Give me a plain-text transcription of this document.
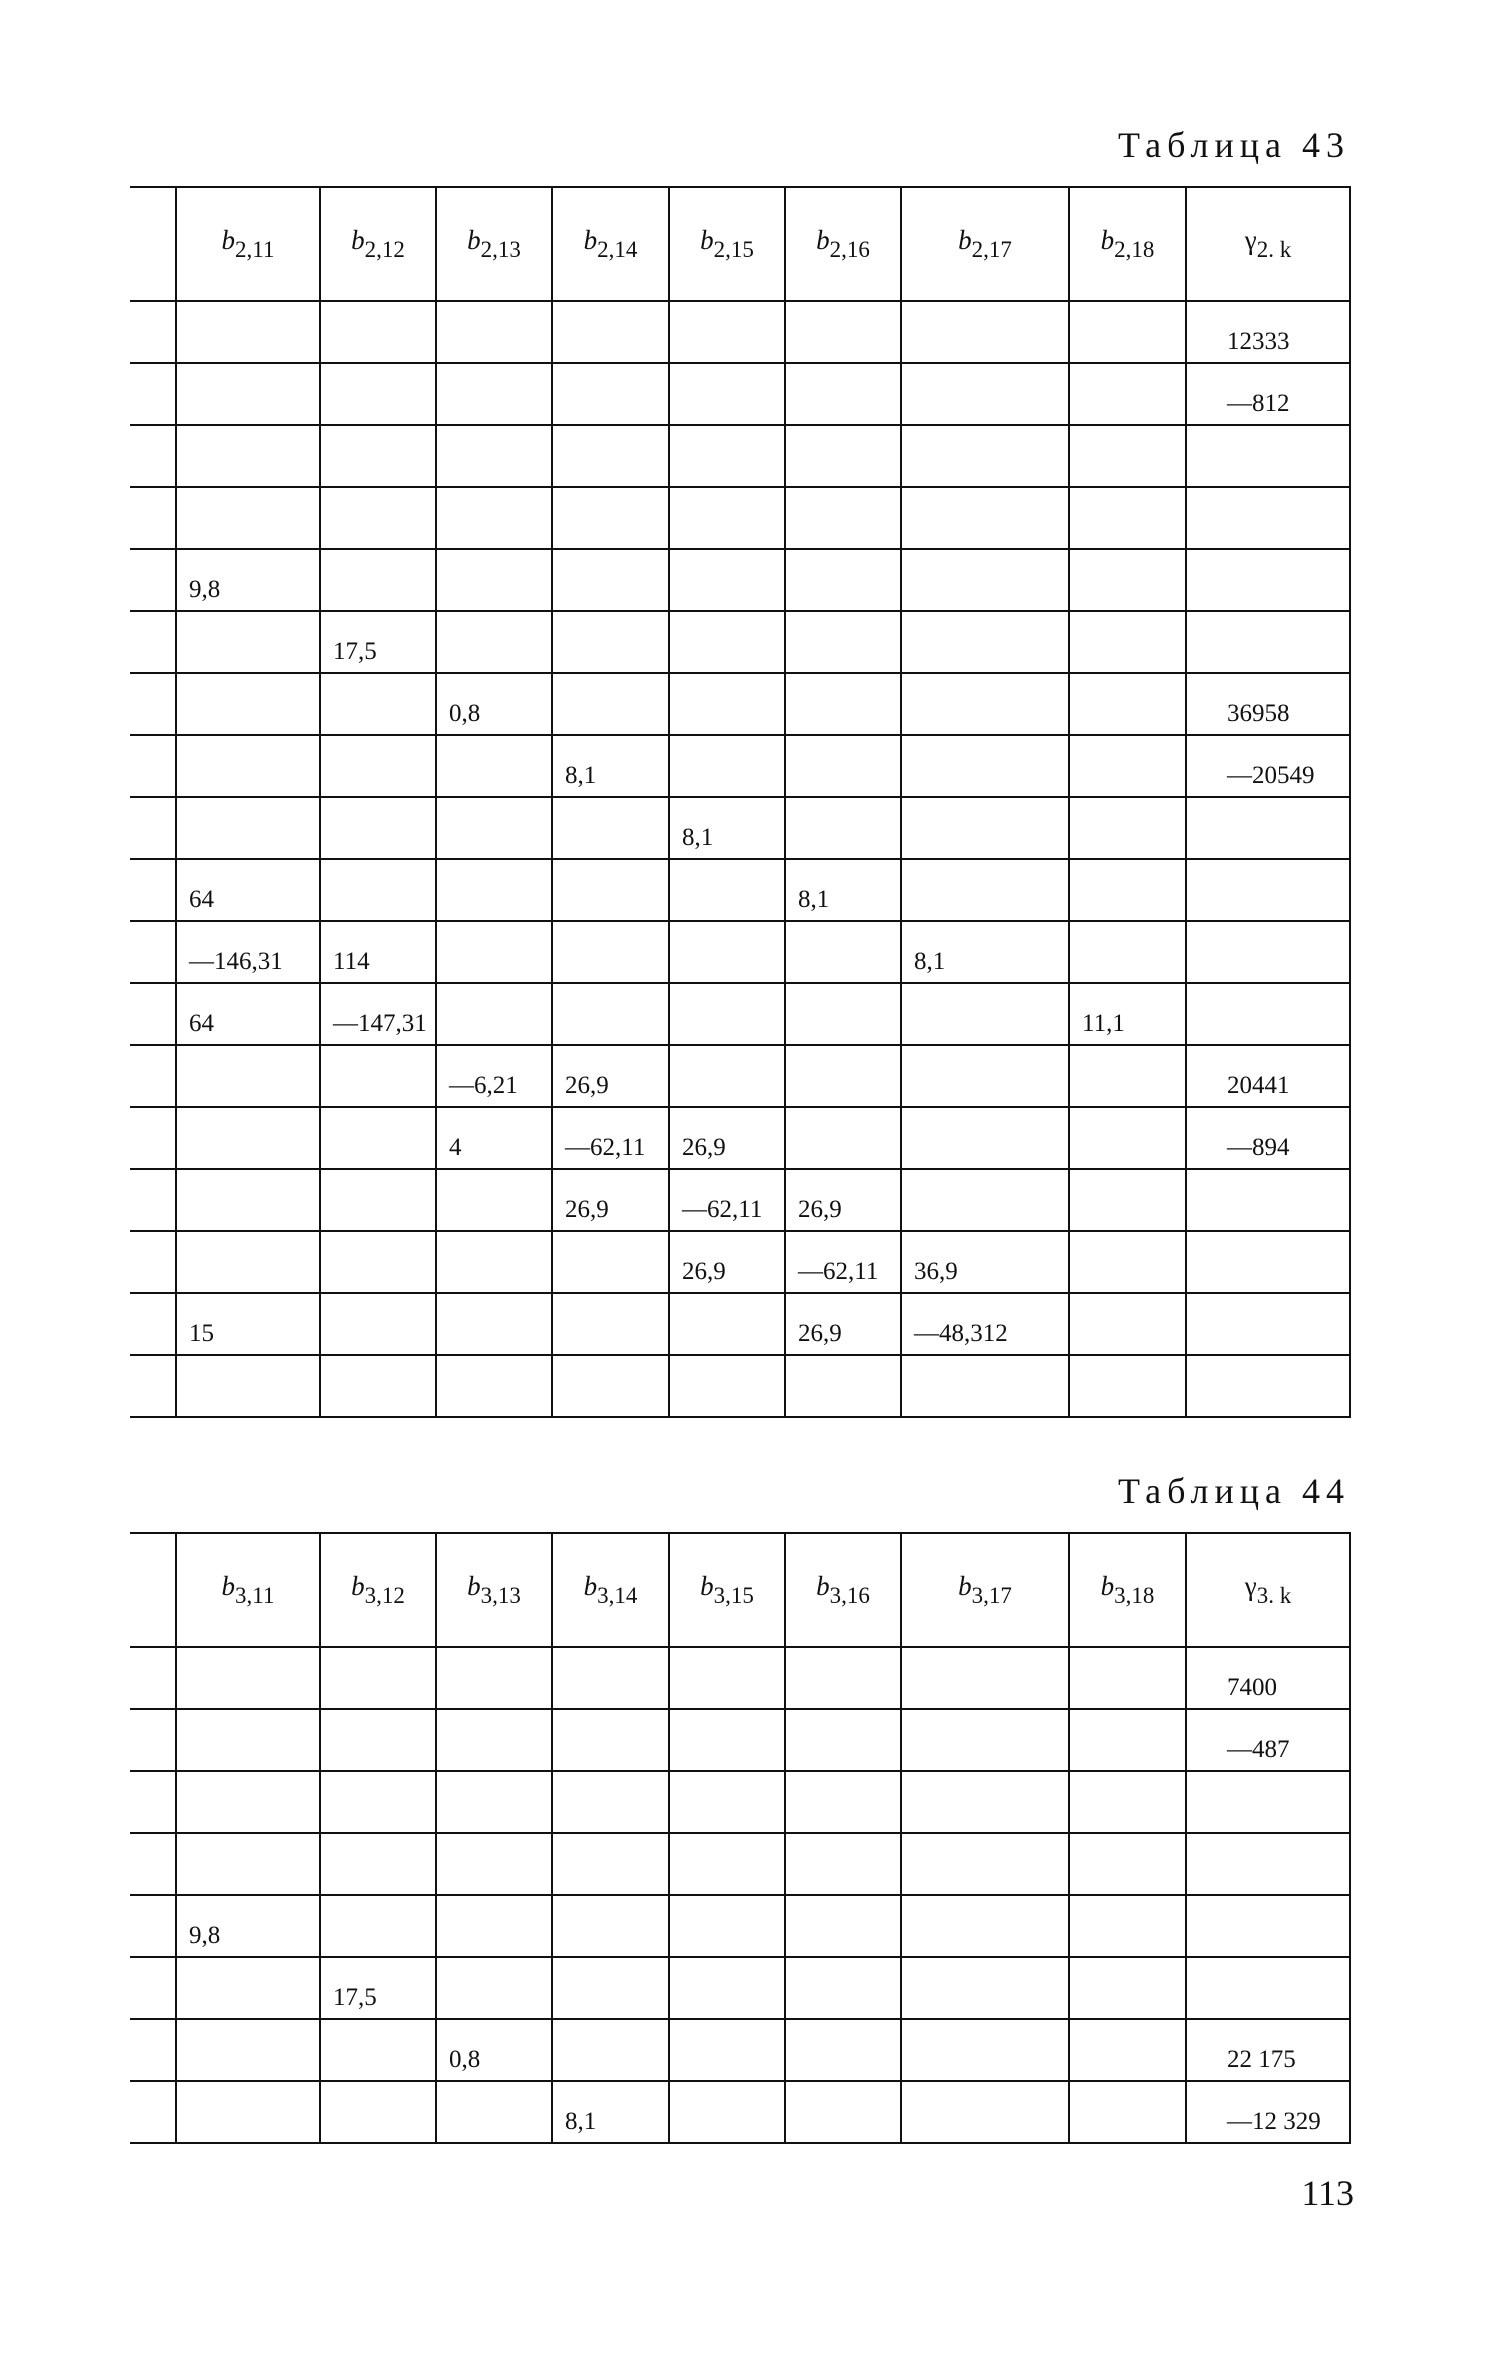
Таблица 43
	$b_{2,11}$	$b_{2,12}$	$b_{2,13}$	$b_{2,14}$	$b_{2,15}$	$b_{2,16}$	$b_{2,17}$	$b_{2,18}$	$\gamma_{2. k}$
									12333
									—812

	9,8								
		17,5							
			0,8						36958
				8,1					—20549
					8,1				
	64					8,1			
	—146,31	114					8,1		
	64	—147,31						11,1	
			—6,21	26,9					20441
			4	—62,11	26,9				—894
				26,9	—62,11	26,9			
					26,9	—62,11	36,9		
	15					26,9	—48,312		

Таблица 44
	$b_{3,11}$	$b_{3,12}$	$b_{3,13}$	$b_{3,14}$	$b_{3,15}$	$b_{3,16}$	$b_{3,17}$	$b_{3,18}$	$\gamma_{3. k}$
									7400
									—487

	9,8								
		17,5							
			0,8						22 175
				8,1					—12 329
113
